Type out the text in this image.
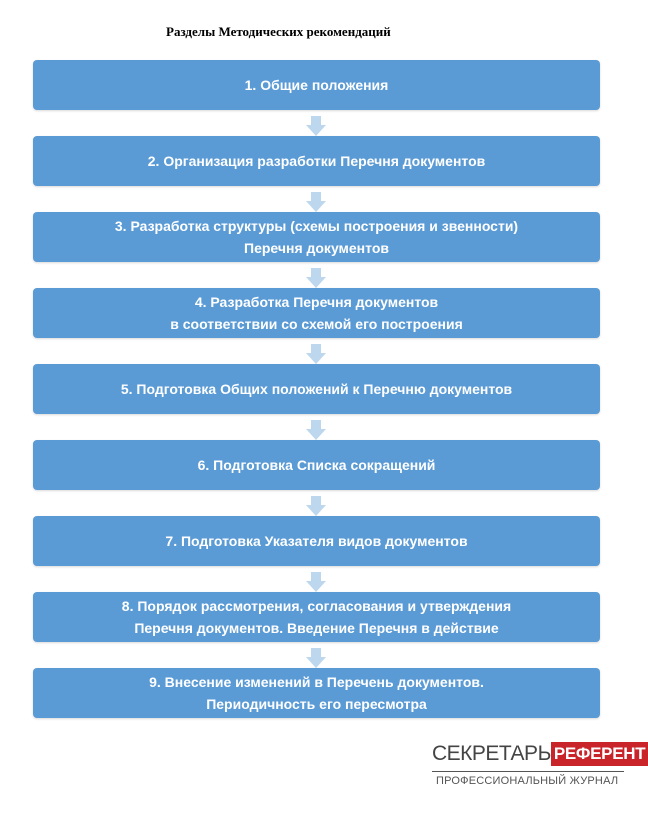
Разделы Методических рекомендаций
1. Общие положения
2. Организация разработки Перечня документов
3. Разработка структуры (схемы построения и звенности)
Перечня документов
4. Разработка Перечня документов
в соответствии со схемой его построения
5. Подготовка Общих положений к Перечню документов
6. Подготовка Списка сокращений
7. Подготовка Указателя видов документов
8. Порядок рассмотрения, согласования и утверждения
Перечня документов. Введение Перечня в действие
9. Внесение изменений в Перечень документов.
Периодичность его пересмотра
СЕКРЕТАРЬ РЕФЕРЕНТ
ПРОФЕССИОНАЛЬНЫЙ ЖУРНАЛ
